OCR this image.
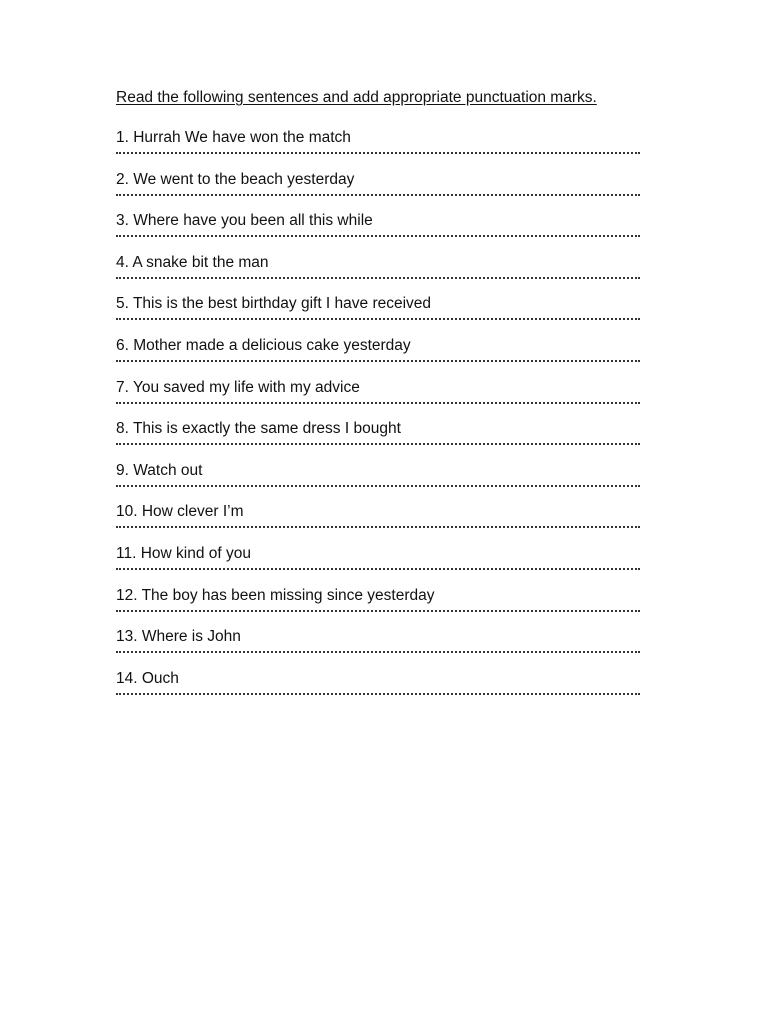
Read the following sentences and add appropriate punctuation marks.

1. Hurrah We have won the match
2. We went to the beach yesterday
3. Where have you been all this while
4. A snake bit the man
5. This is the best birthday gift I have received
6. Mother made a delicious cake yesterday
7. You saved my life with my advice
8. This is exactly the same dress I bought
9. Watch out
10. How clever I’m
11. How kind of you
12. The boy has been missing since yesterday
13. Where is John
14. Ouch
